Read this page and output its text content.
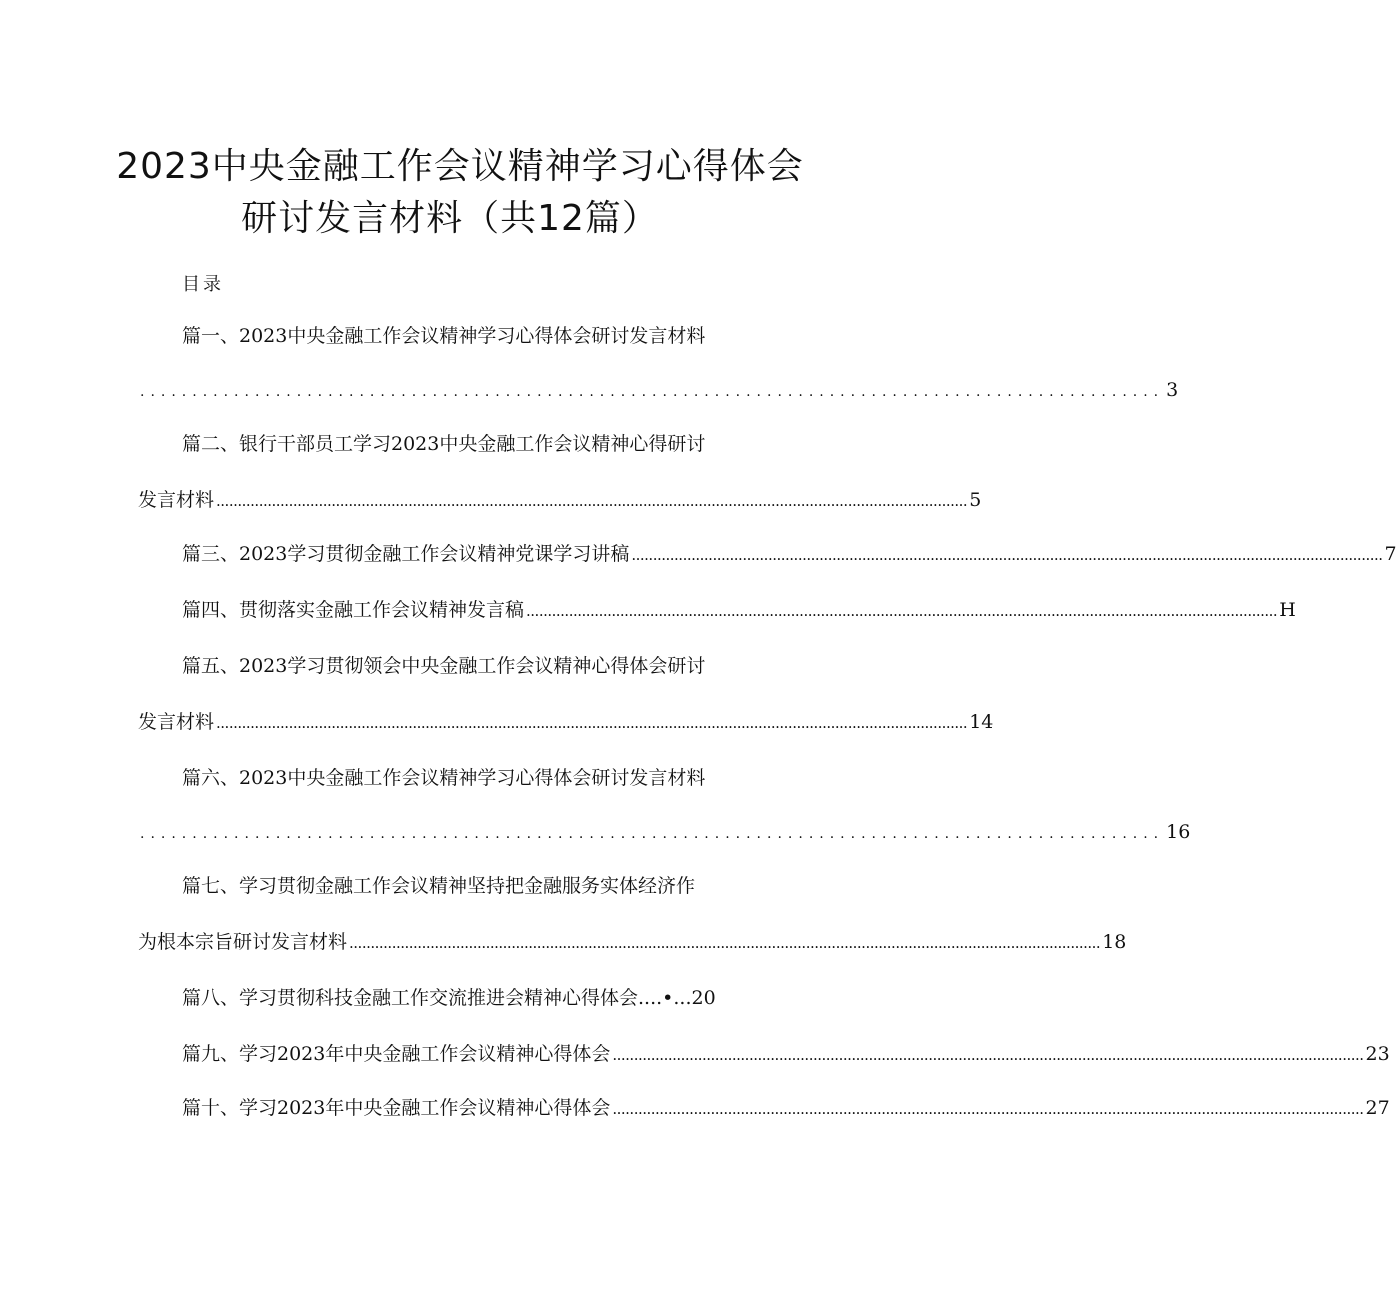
2023中央金融工作会议精神学习心得体会
研讨发言材料（共12篇）
目录
篇一、2023中央金融工作会议精神学习心得体会研讨发言材料
.................................................................................................. 3
篇二、银行干部员工学习2023中央金融工作会议精神心得研讨
发言材料 ................................................................................................................................................................................ 5
篇三、2023学习贯彻金融工作会议精神党课学习讲稿 ................................................................................................................................................................................ 7
篇四、贯彻落实金融工作会议精神发言稿 ................................................................................................................................................................................ H
篇五、2023学习贯彻领会中央金融工作会议精神心得体会研讨
发言材料 ................................................................................................................................................................................ 14
篇六、2023中央金融工作会议精神学习心得体会研讨发言材料
.................................................................................................. 16
篇七、学习贯彻金融工作会议精神坚持把金融服务实体经济作
为根本宗旨研讨发言材料 ................................................................................................................................................................................ 18
篇八、学习贯彻科技金融工作交流推进会精神心得体会 ....•... 20
篇九、学习2023年中央金融工作会议精神心得体会 ................................................................................................................................................................................ 23
篇十、学习2023年中央金融工作会议精神心得体会 ................................................................................................................................................................................ 27
